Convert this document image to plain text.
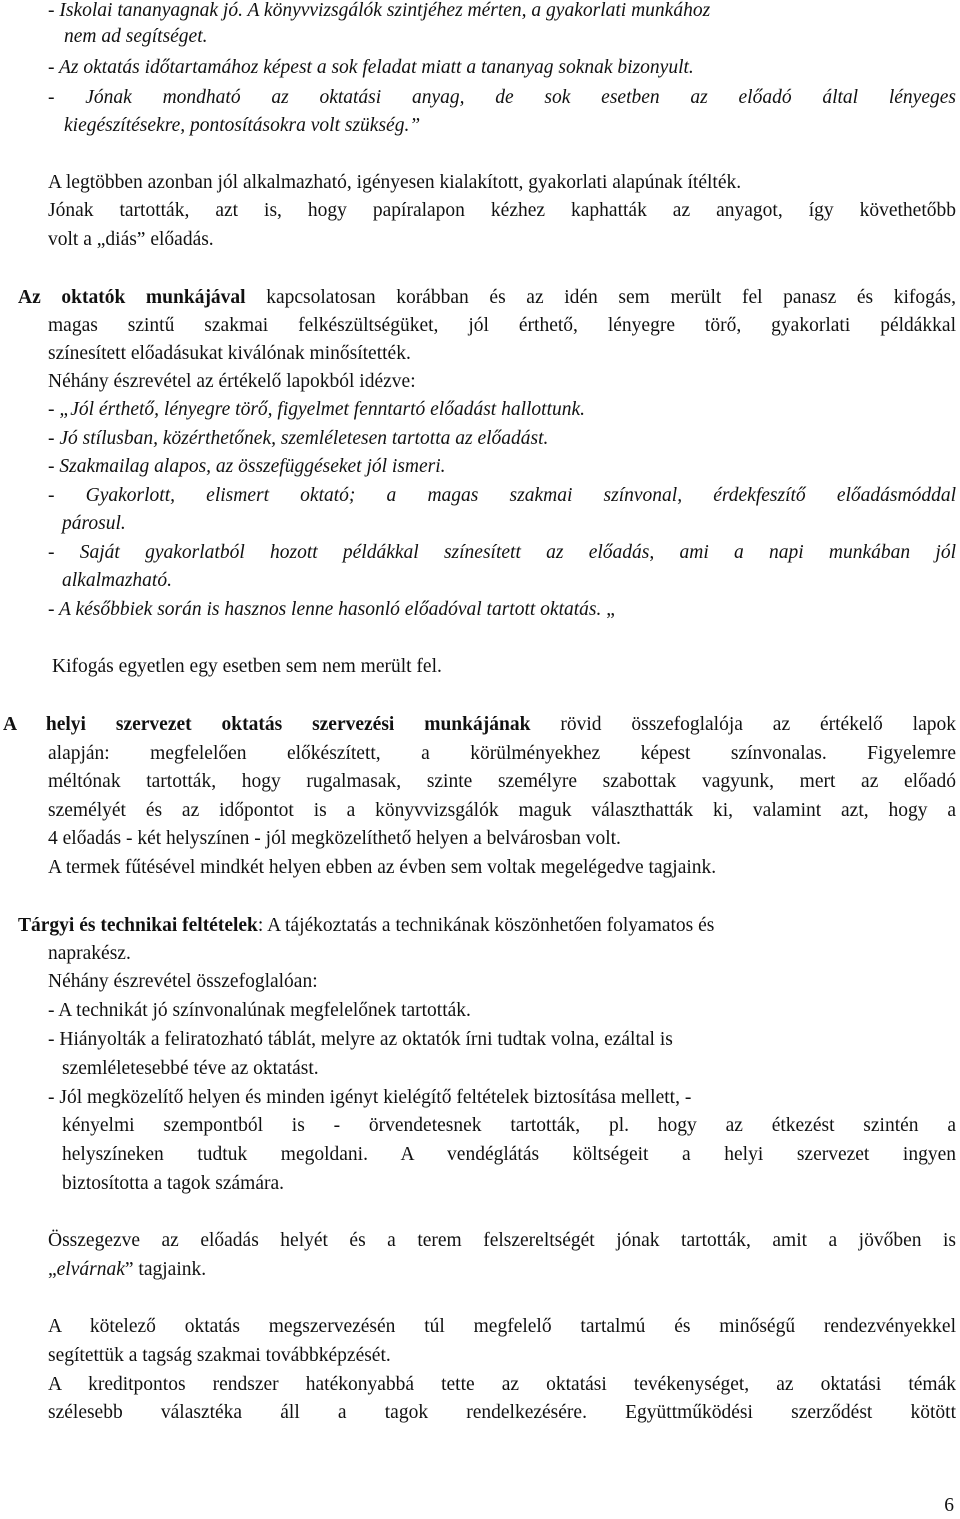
- Iskolai tananyagnak jó. A könyvvizsgálók szintjéhez mérten, a gyakorlati munkához
nem ad segítséget.
- Az oktatás időtartamához képest a sok feladat miatt a tananyag soknak bizonyult.
- Jónak mondható az oktatási anyag, de sok esetben az előadó által lényeges
kiegészítésekre, pontosításokra volt szükség.”
A legtöbben azonban jól alkalmazható, igényesen kialakított, gyakorlati alapúnak ítélték.
Jónak tartották, azt is, hogy papíralapon kézhez kaphatták az anyagot, így követhetőbb
volt a „diás” előadás.
Az oktatók munkájával kapcsolatosan korábban és az idén sem merült fel panasz és kifogás,
magas szintű szakmai felkészültségüket, jól érthető, lényegre törő, gyakorlati példákkal
színesített előadásukat kiválónak minősítették.
Néhány észrevétel az értékelő lapokból idézve:
- „Jól érthető, lényegre törő, figyelmet fenntartó előadást hallottunk.
- Jó stílusban, közérthetőnek, szemléletesen tartotta az előadást.
- Szakmailag alapos, az összefüggéseket jól ismeri.
- Gyakorlott, elismert oktató; a magas szakmai színvonal, érdekfeszítő előadásmóddal
párosul.
- Saját gyakorlatból hozott példákkal színesített az előadás, ami a napi munkában jól
alkalmazható.
- A későbbiek során is hasznos lenne hasonló előadóval tartott oktatás. „
Kifogás egyetlen egy esetben sem nem merült fel.
A helyi szervezet oktatás szervezési munkájának rövid összefoglalója az értékelő lapok
alapján: megfelelően előkészített, a körülményekhez képest színvonalas. Figyelemre
méltónak tartották, hogy rugalmasak, szinte személyre szabottak vagyunk, mert az előadó
személyét és az időpontot is a könyvvizsgálók maguk választhatták ki, valamint azt, hogy a
4 előadás - két helyszínen - jól megközelíthető helyen a belvárosban volt.
A termek fűtésével mindkét helyen ebben az évben sem voltak megelégedve tagjaink.
Tárgyi és technikai feltételek: A tájékoztatás a technikának köszönhetően folyamatos és
naprakész.
Néhány észrevétel összefoglalóan:
- A technikát jó színvonalúnak megfelelőnek tartották.
- Hiányolták a feliratozható táblát, melyre az oktatók írni tudtak volna, ezáltal is
szemléletesebbé téve az oktatást.
- Jól megközelítő helyen és minden igényt kielégítő feltételek biztosítása mellett, -
kényelmi szempontból is - örvendetesnek tartották, pl. hogy az étkezést szintén a
helyszíneken tudtuk megoldani. A vendéglátás költségeit a helyi szervezet ingyen
biztosította a tagok számára.
Összegezve az előadás helyét és a terem felszereltségét jónak tartották, amit a jövőben is
„elvárnak” tagjaink.
A kötelező oktatás megszervezésén túl megfelelő tartalmú és minőségű rendezvényekkel
segítettük a tagság szakmai továbbképzését.
A kreditpontos rendszer hatékonyabbá tette az oktatási tevékenységet, az oktatási témák
szélesebb választéka áll a tagok rendelkezésére. Együttműködési szerződést kötött
6
